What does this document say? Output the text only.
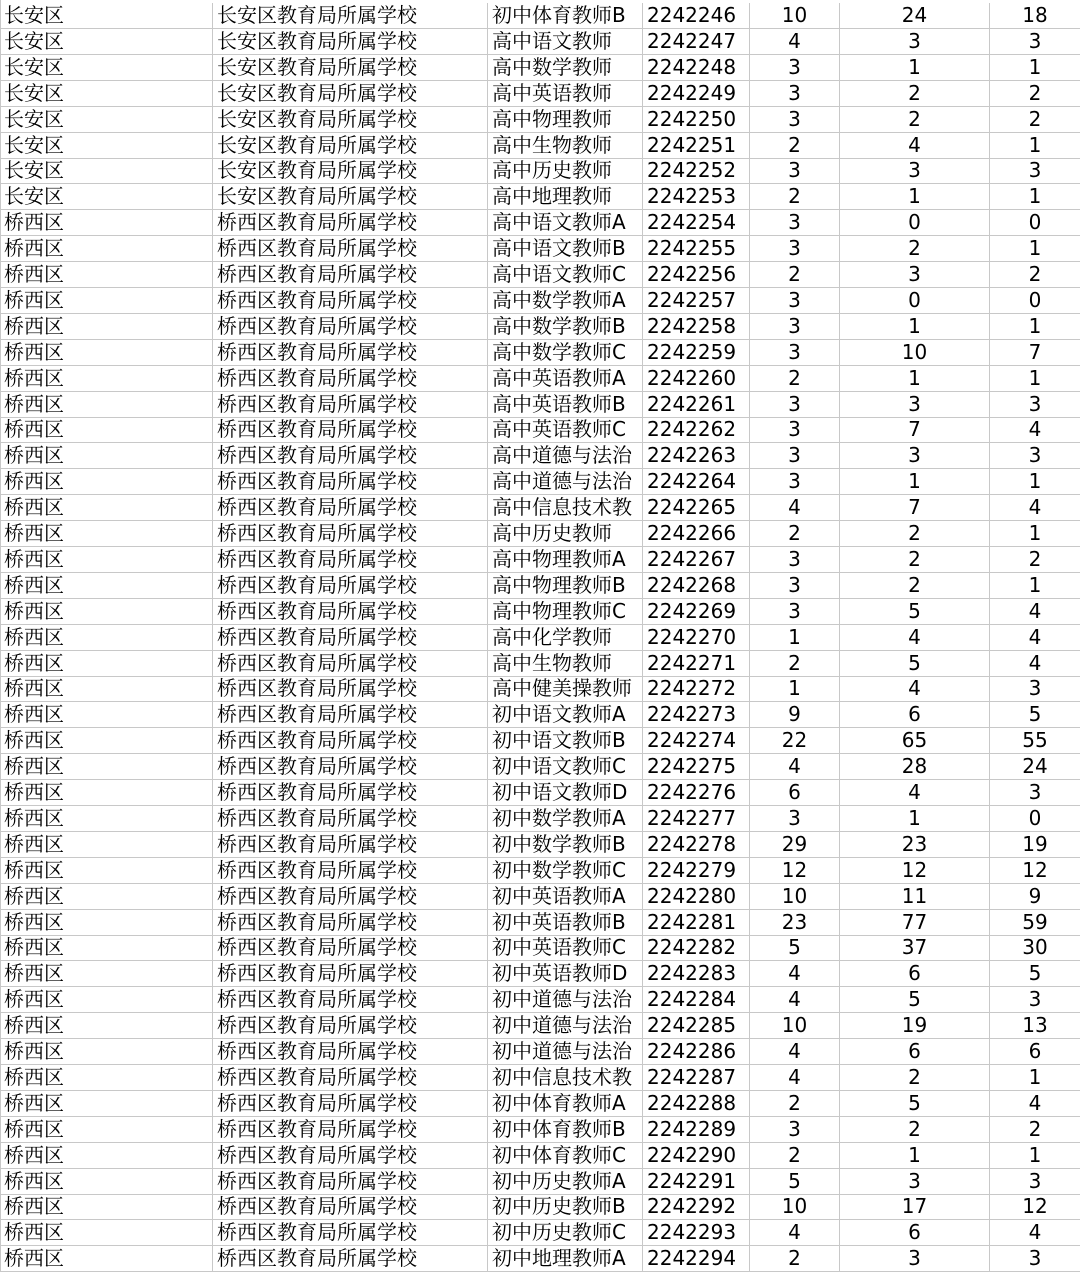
长安区	长安区教育局所属学校	初中体育教师B	2242246	10	24	18
长安区	长安区教育局所属学校	高中语文教师	2242247	4	3	3
长安区	长安区教育局所属学校	高中数学教师	2242248	3	1	1
长安区	长安区教育局所属学校	高中英语教师	2242249	3	2	2
长安区	长安区教育局所属学校	高中物理教师	2242250	3	2	2
长安区	长安区教育局所属学校	高中生物教师	2242251	2	4	1
长安区	长安区教育局所属学校	高中历史教师	2242252	3	3	3
长安区	长安区教育局所属学校	高中地理教师	2242253	2	1	1
桥西区	桥西区教育局所属学校	高中语文教师A	2242254	3	0	0
桥西区	桥西区教育局所属学校	高中语文教师B	2242255	3	2	1
桥西区	桥西区教育局所属学校	高中语文教师C	2242256	2	3	2
桥西区	桥西区教育局所属学校	高中数学教师A	2242257	3	0	0
桥西区	桥西区教育局所属学校	高中数学教师B	2242258	3	1	1
桥西区	桥西区教育局所属学校	高中数学教师C	2242259	3	10	7
桥西区	桥西区教育局所属学校	高中英语教师A	2242260	2	1	1
桥西区	桥西区教育局所属学校	高中英语教师B	2242261	3	3	3
桥西区	桥西区教育局所属学校	高中英语教师C	2242262	3	7	4
桥西区	桥西区教育局所属学校	高中道德与法治 2242263	3	3	3
桥西区	桥西区教育局所属学校	高中道德与法治 2242264	3	1	1
桥西区	桥西区教育局所属学校	高中信息技术教 2242265	4	7	4
桥西区	桥西区教育局所属学校	高中历史教师	2242266	2	2	1
桥西区	桥西区教育局所属学校	高中物理教师A	2242267	3	2	2
桥西区	桥西区教育局所属学校	高中物理教师B	2242268	3	2	1
桥西区	桥西区教育局所属学校	高中物理教师C	2242269	3	5	4
桥西区	桥西区教育局所属学校	高中化学教师	2242270	1	4	4
桥西区	桥西区教育局所属学校	高中生物教师	2242271	2	5	4
桥西区	桥西区教育局所属学校	高中健美操教师 2242272	1	4	3
桥西区	桥西区教育局所属学校	初中语文教师A	2242273	9	6	5
桥西区	桥西区教育局所属学校	初中语文教师B	2242274	22	65	55
桥西区	桥西区教育局所属学校	初中语文教师C	2242275	4	28	24
桥西区	桥西区教育局所属学校	初中语文教师D 2242276	6	4	3
桥西区	桥西区教育局所属学校	初中数学教师A	2242277	3	1	0
桥西区	桥西区教育局所属学校	初中数学教师B	2242278	29	23	19
桥西区	桥西区教育局所属学校	初中数学教师C	2242279	12	12	12
桥西区	桥西区教育局所属学校	初中英语教师A	2242280	10	11	9
桥西区	桥西区教育局所属学校	初中英语教师B	2242281	23	77	59
桥西区	桥西区教育局所属学校	初中英语教师C	2242282	5	37	30
桥西区	桥西区教育局所属学校	初中英语教师D 2242283	4	6	5
桥西区	桥西区教育局所属学校	初中道德与法治 2242284	4	5	3
桥西区	桥西区教育局所属学校	初中道德与法治 2242285	10	19	13
桥西区	桥西区教育局所属学校	初中道德与法治 2242286	4	6	6
桥西区	桥西区教育局所属学校	初中信息技术教 2242287	4	2	1
桥西区	桥西区教育局所属学校	初中体育教师A	2242288	2	5	4
桥西区	桥西区教育局所属学校	初中体育教师B	2242289	3	2	2
桥西区	桥西区教育局所属学校	初中体育教师C	2242290	2	1	1
桥西区	桥西区教育局所属学校	初中历史教师A	2242291	5	3	3
桥西区	桥西区教育局所属学校	初中历史教师B	2242292	10	17	12
桥西区	桥西区教育局所属学校	初中历史教师C	2242293	4	6	4
桥西区	桥西区教育局所属学校	初中地理教师A	2242294	2	3	3
